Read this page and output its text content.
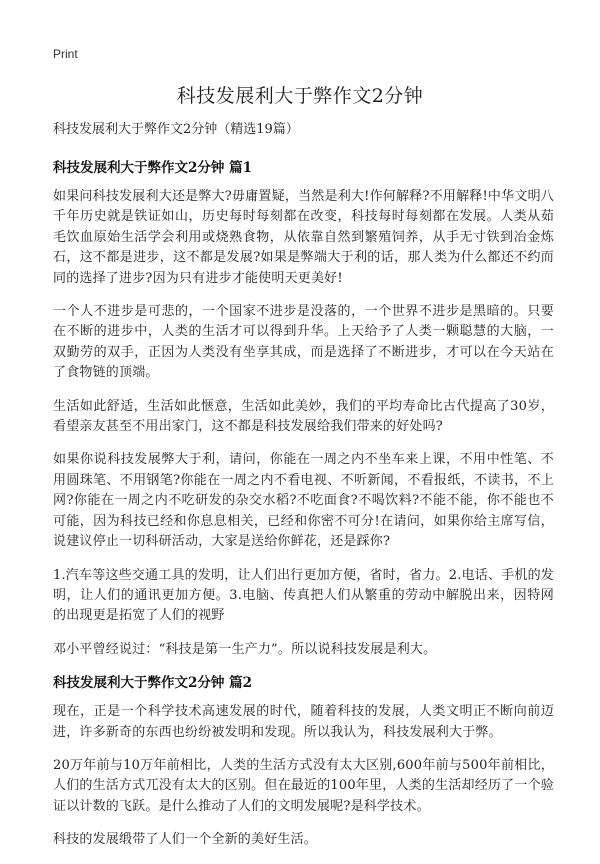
Print
科技发展利大于弊作文2分钟

科技发展利大于弊作文2分钟（精选19篇）

科技发展利大于弊作文2分钟 篇1

如果问科技发展利大还是弊大?毋庸置疑，当然是利大!作何解释?不用解释!中华文明八千年历史就是铁证如山，历史每时每刻都在改变，科技每时每刻都在发展。人类从茹毛饮血原始生活学会利用或烧熟食物，从依靠自然到繁殖饲养，从手无寸铁到冶金炼石，这不都是进步，这不都是发展?如果是弊端大于利的话，那人类为什么都还不约而同的选择了进步?因为只有进步才能使明天更美好!

一个人不进步是可悲的，一个国家不进步是没落的，一个世界不进步是黑暗的。只要在不断的进步中，人类的生活才可以得到升华。上天给予了人类一颗聪慧的大脑，一双勤劳的双手，正因为人类没有坐享其成，而是选择了不断进步，才可以在今天站在了食物链的顶端。

生活如此舒适，生活如此惬意，生活如此美妙，我们的平均寿命比古代提高了30岁，看望亲友甚至不用出家门，这不都是科技发展给我们带来的好处吗?

如果你说科技发展弊大于利，请问，你能在一周之内不坐车来上课，不用中性笔、不用圆珠笔、不用钢笔?你能在一周之内不看电视、不听新闻，不看报纸，不读书，不上网?你能在一周之内不吃研发的杂交水稻?不吃面食?不喝饮料?不能不能，你不能也不可能，因为科技已经和你息息相关，已经和你密不可分!在请问，如果你给主席写信，说建议停止一切科研活动，大家是送给你鲜花，还是踩你?

1.汽车等这些交通工具的发明，让人们出行更加方便，省时，省力。2.电话、手机的发明，让人们的通讯更加方便。3.电脑、传真把人们从繁重的劳动中解脱出来，因特网的出现更是拓宽了人们的视野

邓小平曾经说过：“科技是第一生产力”。所以说科技发展是利大。

科技发展利大于弊作文2分钟 篇2

现在，正是一个科学技术高速发展的时代，随着科技的发展，人类文明正不断向前迈进，许多新奇的东西也纷纷被发明和发现。所以我认为，科技发展利大于弊。

20万年前与10万年前相比，人类的生活方式没有太大区别,600年前与500年前相比，人们的生活方式兀没有太大的区别。但在最近的100年里，人类的生活却经历了一个验证以计数的飞跃。是什么推动了人们的文明发展呢?是科学技术。

科技的发展缎带了人们一个全新的美好生活。
